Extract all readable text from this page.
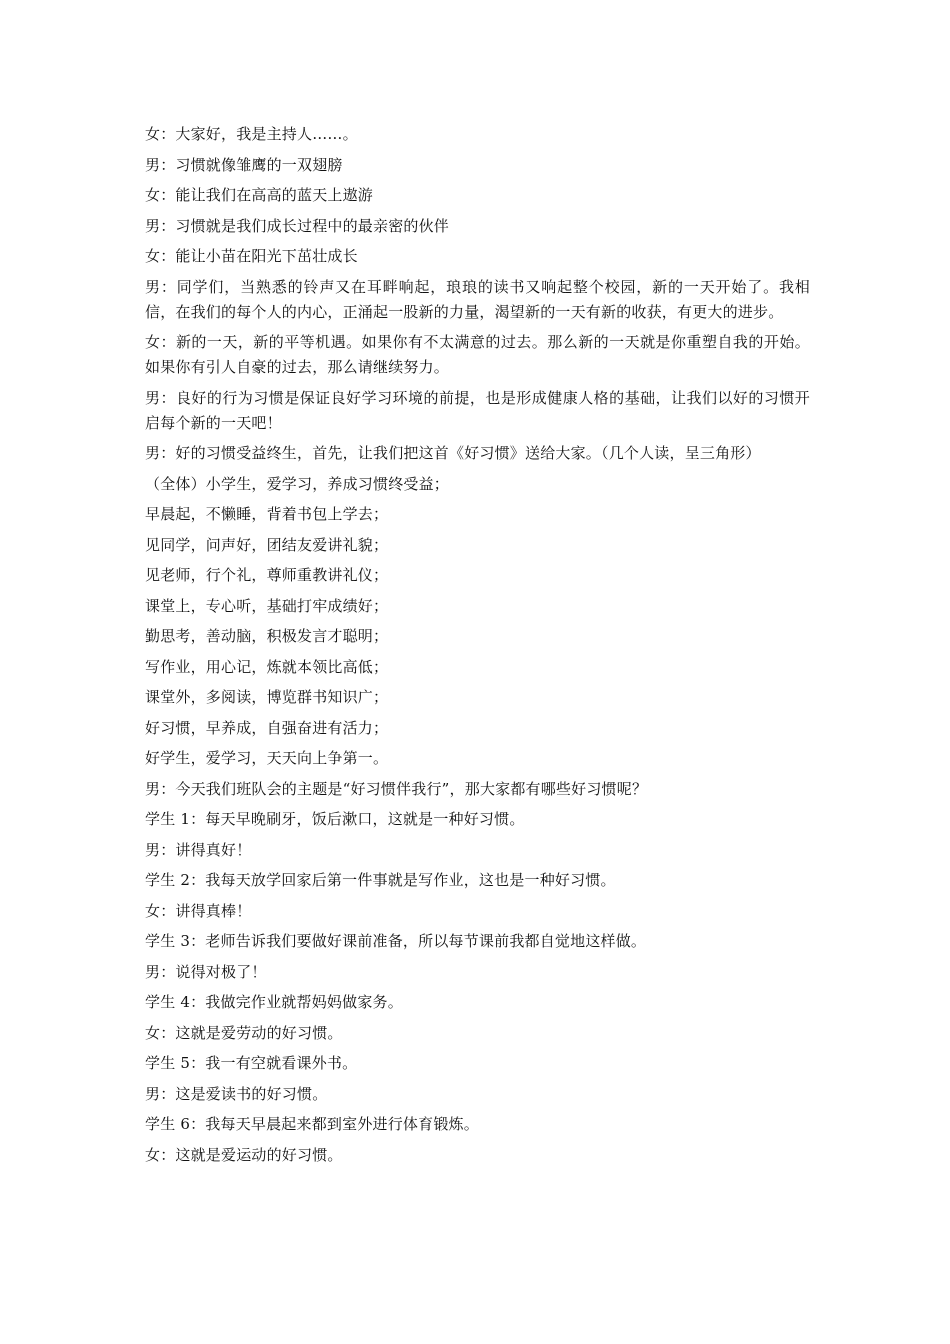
女：大家好，我是主持人……。

男：习惯就像雏鹰的一双翅膀

女：能让我们在高高的蓝天上遨游

男：习惯就是我们成长过程中的最亲密的伙伴

女：能让小苗在阳光下茁壮成长

男：同学们，当熟悉的铃声又在耳畔响起，琅琅的读书又响起整个校园，新的一天开始了。我相信，在我们的每个人的内心，正涌起一股新的力量，渴望新的一天有新的收获，有更大的进步。

女：新的一天，新的平等机遇。如果你有不太满意的过去。那么新的一天就是你重塑自我的开始。如果你有引人自豪的过去，那么请继续努力。

男：良好的行为习惯是保证良好学习环境的前提，也是形成健康人格的基础，让我们以好的习惯开启每个新的一天吧！

男：好的习惯受益终生，首先，让我们把这首《好习惯》送给大家。（几个人读，呈三角形）

（全体）小学生，爱学习，养成习惯终受益；

早晨起，不懒睡，背着书包上学去；

见同学，问声好，团结友爱讲礼貌；

见老师，行个礼，尊师重教讲礼仪；

课堂上，专心听，基础打牢成绩好；

勤思考，善动脑，积极发言才聪明；

写作业，用心记，炼就本领比高低；

课堂外，多阅读，博览群书知识广；

好习惯，早养成，自强奋进有活力；

好学生，爱学习，天天向上争第一。

男：今天我们班队会的主题是“好习惯伴我行”，那大家都有哪些好习惯呢？

学生 1：每天早晚刷牙，饭后漱口，这就是一种好习惯。

男：讲得真好！

学生 2：我每天放学回家后第一件事就是写作业，这也是一种好习惯。

女：讲得真棒！

学生 3：老师告诉我们要做好课前准备，所以每节课前我都自觉地这样做。

男：说得对极了！

学生 4：我做完作业就帮妈妈做家务。

女：这就是爱劳动的好习惯。

学生 5：我一有空就看课外书。

男：这是爱读书的好习惯。

学生 6：我每天早晨起来都到室外进行体育锻炼。

女：这就是爱运动的好习惯。
